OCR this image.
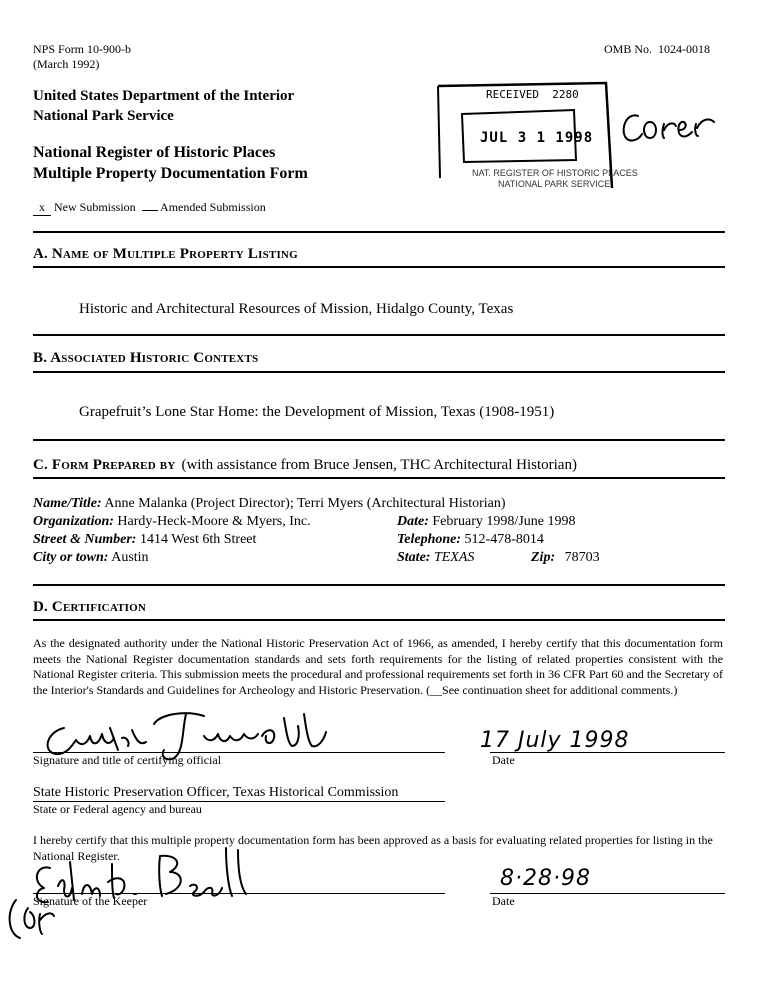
NPS Form 10-900-b
(March 1992)
OMB No.  1024-0018
United States Department of the Interior
National Park Service
National Register of Historic Places
Multiple Property Documentation Form
x New Submission Amended Submission
RECEIVED  2280
JUL 3 1 1998
NAT. REGISTER OF HISTORIC PLACES
NATIONAL PARK SERVICE
A. Name of Multiple Property Listing
Historic and Architectural Resources of Mission, Hidalgo County, Texas
B. Associated Historic Contexts
Grapefruit’s Lone Star Home: the Development of Mission, Texas (1908-1951)
C. Form Prepared by (with assistance from Bruce Jensen, THC Architectural Historian)
Name/Title: Anne Malanka (Project Director); Terri Myers (Architectural Historian)
Organization: Hardy-Heck-Moore & Myers, Inc.	Date: February 1998/June 1998
Street & Number: 1414 West 6th Street	Telephone: 512-478-8014
City or town: Austin	State: TEXAS	Zip: 78703
D. Certification
As the designated authority under the National Historic Preservation Act of 1966, as amended, I hereby certify that this documentation form meets the National Register documentation standards and sets forth requirements for the listing of related properties consistent with the National Register criteria. This submission meets the procedural and professional requirements set forth in 36 CFR Part 60 and the Secretary of the Interior's Standards and Guidelines for Archeology and Historic Preservation. (__See continuation sheet for additional comments.)
Signature and title of certifying official
17 July 1998
Date
State Historic Preservation Officer, Texas Historical Commission
State or Federal agency and bureau
I hereby certify that this multiple property documentation form has been approved as a basis for evaluating related properties for listing in the National Register.
Signature of the Keeper
8·28·98
Date
